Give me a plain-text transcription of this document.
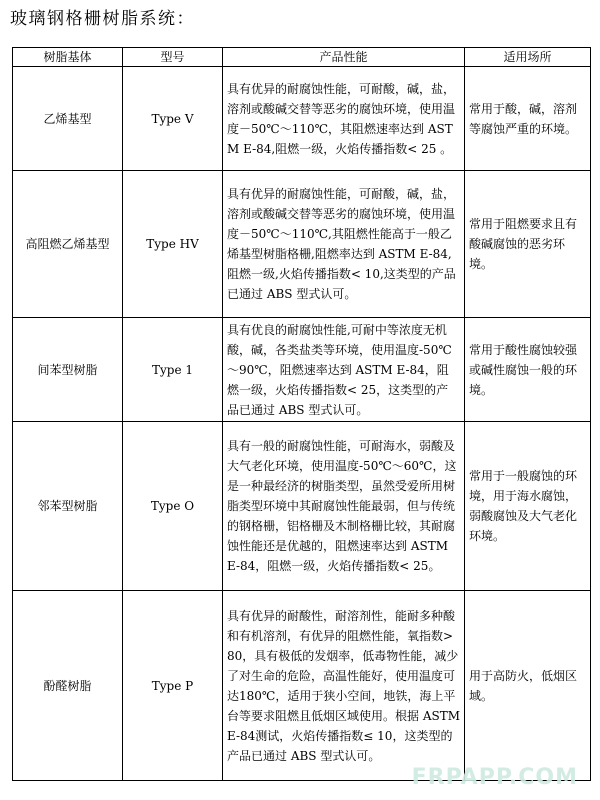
玻璃钢格栅树脂系统：
树脂基体	型号	产品性能	适用场所
乙烯基型	Type V	具有优异的耐腐蚀性能，可耐酸，碱，盐，溶剂或酸碱交替等恶劣的腐蚀环境，使用温度－50℃～110℃，其阻燃速率达到 ASTM E-84,阻燃一级，火焰传播指数< 25 。	常用于酸，碱，溶剂等腐蚀严重的环境。
高阻燃乙烯基型	Type HV	具有优异的耐腐蚀性能，可耐酸，碱，盐，溶剂或酸碱交替等恶劣的腐蚀环境，使用温度－50℃～110℃,其阻燃性能高于一般乙烯基型树脂格栅,阻燃率达到 ASTM E-84,阻燃一级,火焰传播指数< 10,这类型的产品已通过 ABS 型式认可。	常用于阻燃要求且有酸碱腐蚀的恶劣环境。
间苯型树脂	Type 1	具有优良的耐腐蚀性能,可耐中等浓度无机酸，碱，各类盐类等环境，使用温度-50℃～90℃，阻燃速率达到 ASTM E-84，阻燃一级，火焰传播指数< 25，这类型的产品已通过 ABS 型式认可。	常用于酸性腐蚀较强或碱性腐蚀一般的环境。
邻苯型树脂	Type O	具有一般的耐腐蚀性能，可耐海水，弱酸及大气老化环境，使用温度-50℃～60℃，这是一种最经济的树脂类型，虽然受爱所用树脂类型环境中其耐腐蚀性能最弱，但与传统的钢格栅，铝格栅及木制格栅比较，其耐腐蚀性能还是优越的，阻燃速率达到 ASTM E-84，阻燃一级，火焰传播指数< 25。	常用于一般腐蚀的环境，用于海水腐蚀，弱酸腐蚀及大气老化环境。
酚醛树脂	Type P	具有优异的耐酸性，耐溶剂性，能耐多种酸和有机溶剂，有优异的阻燃性能，氧指数> 80，具有极低的发烟率，低毒物性能，减少了对生命的危险，高温性能好，使用温度可达180℃，适用于狭小空间，地铁，海上平台等要求阻燃且低烟区域使用。根据 ASTM E-84测试，火焰传播指数≤ 10，这类型的产品已通过 ABS 型式认可。	用于高防火，低烟区域。
FRPAPP.COM
